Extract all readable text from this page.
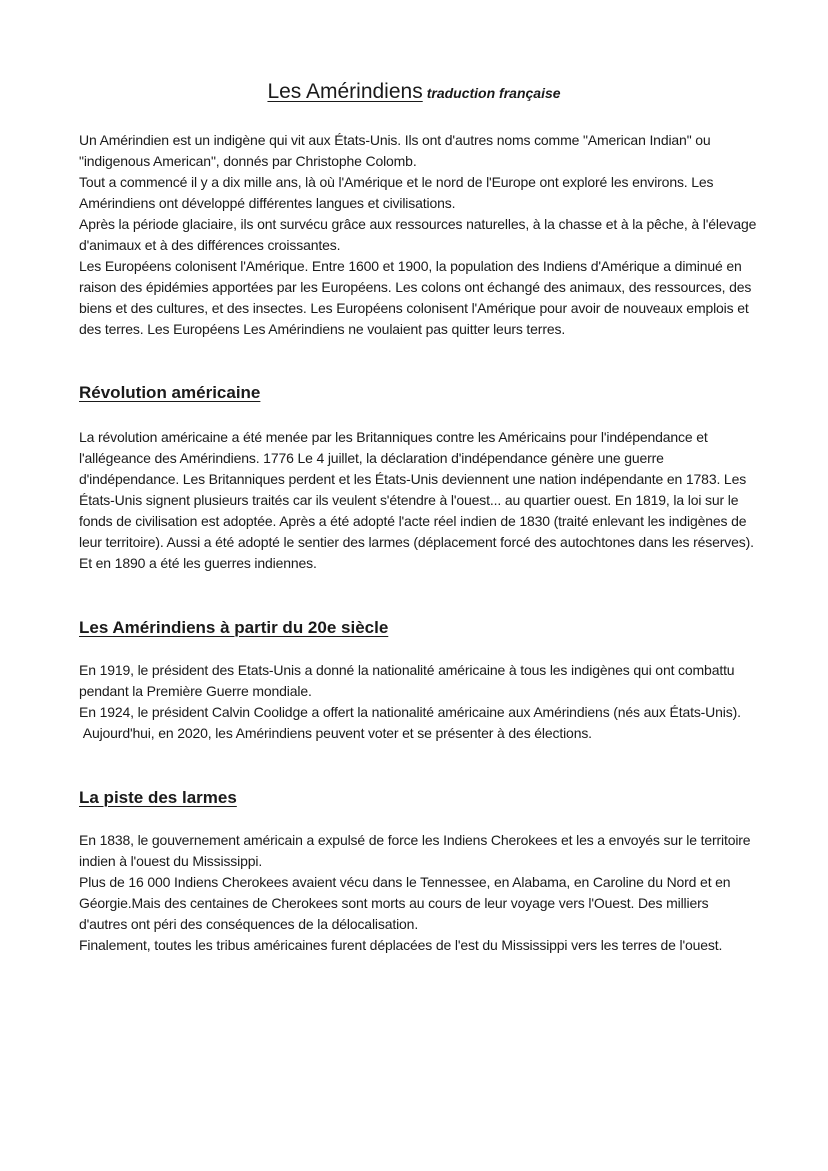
Les Amérindiens traduction française

Un Amérindien est un indigène qui vit aux États-Unis. Ils ont d'autres noms comme "American Indian" ou "indigenous American", donnés par Christophe Colomb.

Tout a commencé il y a dix mille ans, là où l'Amérique et le nord de l'Europe ont exploré les environs. Les Amérindiens ont développé différentes langues et civilisations.

Après la période glaciaire, ils ont survécu grâce aux ressources naturelles, à la chasse et à la pêche, à l'élevage d'animaux et à des différences croissantes.

Les Européens colonisent l'Amérique. Entre 1600 et 1900, la population des Indiens d'Amérique a diminué en raison des épidémies apportées par les Européens. Les colons ont échangé des animaux, des ressources, des biens et des cultures, et des insectes. Les Européens colonisent l'Amérique pour avoir de nouveaux emplois et des terres. Les Européens Les Amérindiens ne voulaient pas quitter leurs terres.

Révolution américaine

La révolution américaine a été menée par les Britanniques contre les Américains pour l'indépendance et l'allégeance des Amérindiens. 1776 Le 4 juillet, la déclaration d'indépendance génère une guerre d'indépendance. Les Britanniques perdent et les États-Unis deviennent une nation indépendante en 1783. Les États-Unis signent plusieurs traités car ils veulent s'étendre à l'ouest... au quartier ouest. En 1819, la loi sur le fonds de civilisation est adoptée. Après a été adopté l'acte réel indien de 1830 (traité enlevant les indigènes de leur territoire). Aussi a été adopté le sentier des larmes (déplacement forcé des autochtones dans les réserves). Et en 1890 a été les guerres indiennes.

Les Amérindiens à partir du 20e siècle

En 1919, le président des Etats-Unis a donné la nationalité américaine à tous les indigènes qui ont combattu pendant la Première Guerre mondiale.

En 1924, le président Calvin Coolidge a offert la nationalité américaine aux Amérindiens (nés aux États-Unis).

Aujourd'hui, en 2020, les Amérindiens peuvent voter et se présenter à des élections.

La piste des larmes

En 1838, le gouvernement américain a expulsé de force les Indiens Cherokees et les a envoyés sur le territoire indien à l'ouest du Mississippi.

Plus de 16 000 Indiens Cherokees avaient vécu dans le Tennessee, en Alabama, en Caroline du Nord et en Géorgie.Mais des centaines de Cherokees sont morts au cours de leur voyage vers l'Ouest. Des milliers d'autres ont péri des conséquences de la délocalisation.

Finalement, toutes les tribus américaines furent déplacées de l'est du Mississippi vers les terres de l'ouest.
